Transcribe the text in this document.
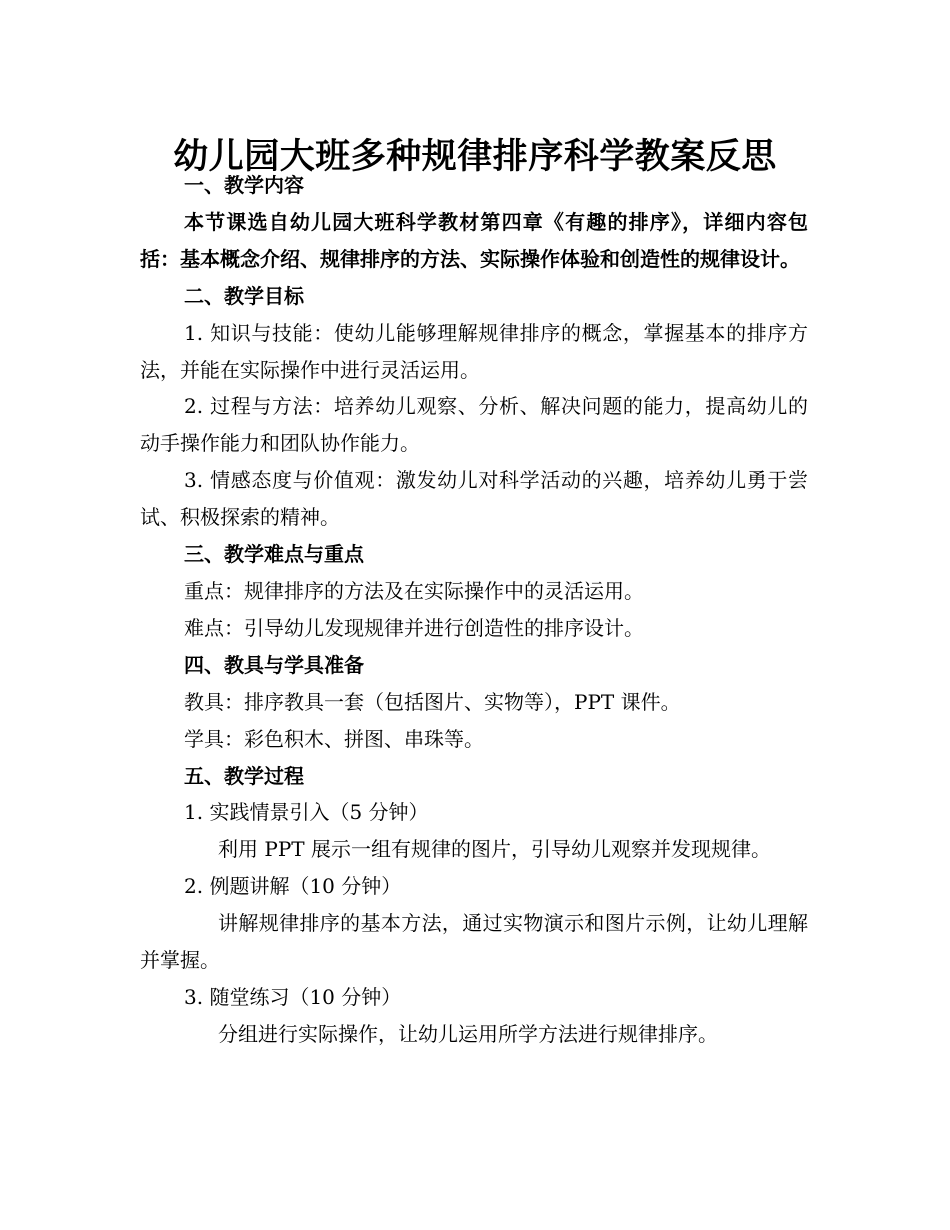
幼儿园大班多种规律排序科学教案反思

一、教学内容

本节课选自幼儿园大班科学教材第四章《有趣的排序》，详细内容包括：基本概念介绍、规律排序的方法、实际操作体验和创造性的规律设计。

二、教学目标

1. 知识与技能：使幼儿能够理解规律排序的概念，掌握基本的排序方法，并能在实际操作中进行灵活运用。

2. 过程与方法：培养幼儿观察、分析、解决问题的能力，提高幼儿的动手操作能力和团队协作能力。

3. 情感态度与价值观：激发幼儿对科学活动的兴趣，培养幼儿勇于尝试、积极探索的精神。

三、教学难点与重点

重点：规律排序的方法及在实际操作中的灵活运用。

难点：引导幼儿发现规律并进行创造性的排序设计。

四、教具与学具准备

教具：排序教具一套（包括图片、实物等），PPT 课件。

学具：彩色积木、拼图、串珠等。

五、教学过程

1. 实践情景引入（5 分钟）

利用 PPT 展示一组有规律的图片，引导幼儿观察并发现规律。

2. 例题讲解（10 分钟）

讲解规律排序的基本方法，通过实物演示和图片示例，让幼儿理解并掌握。

3. 随堂练习（10 分钟）

分组进行实际操作，让幼儿运用所学方法进行规律排序。
